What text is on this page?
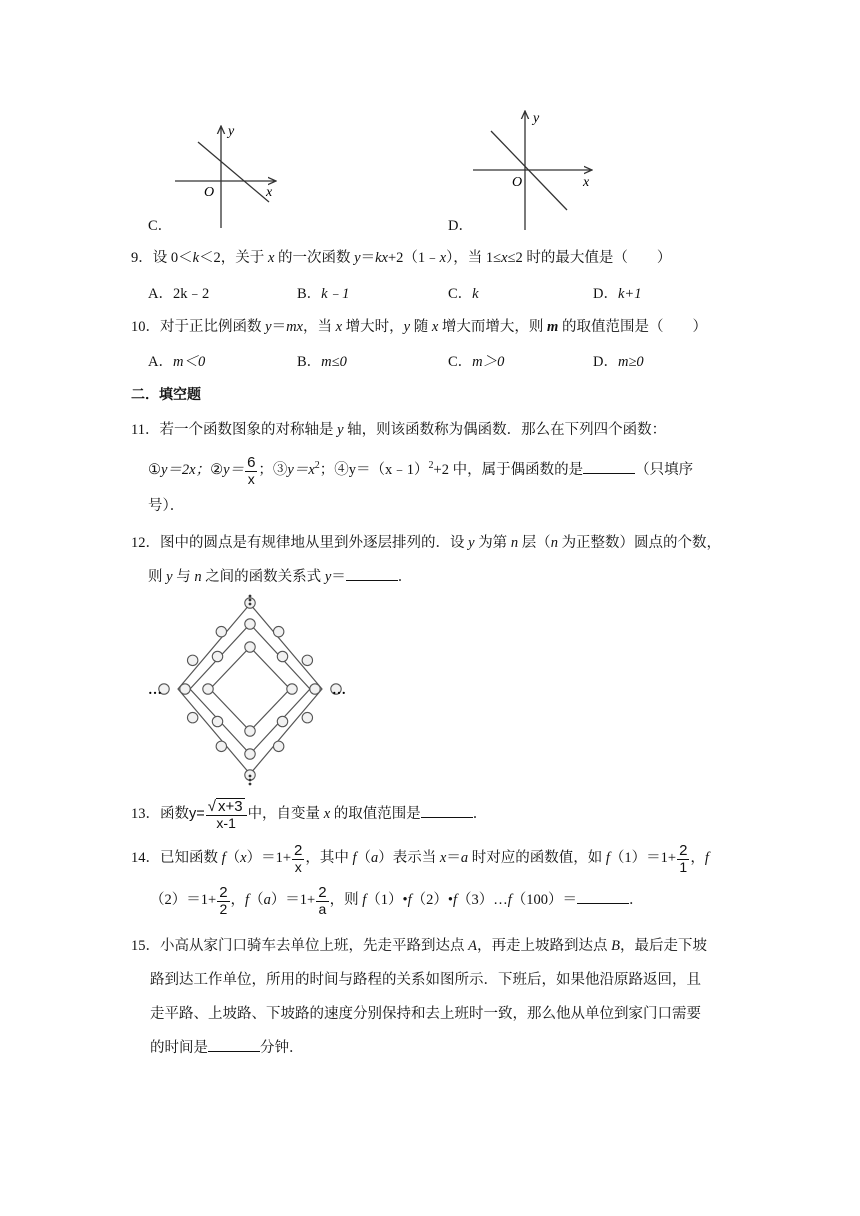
y
x
O
C．
y
x
O
D．
9．设 0＜k＜2，关于 x 的一次函数 y＝kx+2（1﹣x），当 1≤x≤2 时的最大值是（　　）
A．2k﹣2	B．k﹣1	C．k	D．k+1
10．对于正比例函数 y＝mx，当 x 增大时，y 随 x 增大而增大，则 m 的取值范围是（　　）
A．m＜0	B．m≤0	C．m＞0	D．m≥0
二．填空题
11．若一个函数图象的对称轴是 y 轴，则该函数称为偶函数．那么在下列四个函数：
①y＝2x；②y＝ $\frac{6}{x}$ ；$③y=x^2$；④y＝（x﹣1）$^2$+2 中，属于偶函数的是	（只填序
号）．
12．图中的圆点是有规律地从里到外逐层排列的．设 y 为第 n 层（n 为正整数）圆点的个数，
则 y 与 n 之间的函数关系式 y＝	．
…	…
13．函数$y= \frac{√ x+3}{x-1}$ 中，自变量 x 的取值范围是	．
14．已知函数 $f(x)=1+ \frac{2}{x}$ ，其中 f（a）表示当 x＝a 时对应的函数值，如 $f(1)=1+ \frac{2}{1}$ ，f
$(2)=1+ \frac{2}{2}$ ，$f(a)=1+ \frac{2}{a}$ ，则 f（1）•f（2）•f（3）…f（100）＝	．
15．小高从家门口骑车去单位上班，先走平路到达点 A，再走上坡路到达点 B，最后走下坡
路到达工作单位，所用的时间与路程的关系如图所示．下班后，如果他沿原路返回，且
走平路、上坡路、下坡路的速度分别保持和去上班时一致，那么他从单位到家门口需要
的时间是	分钟．
